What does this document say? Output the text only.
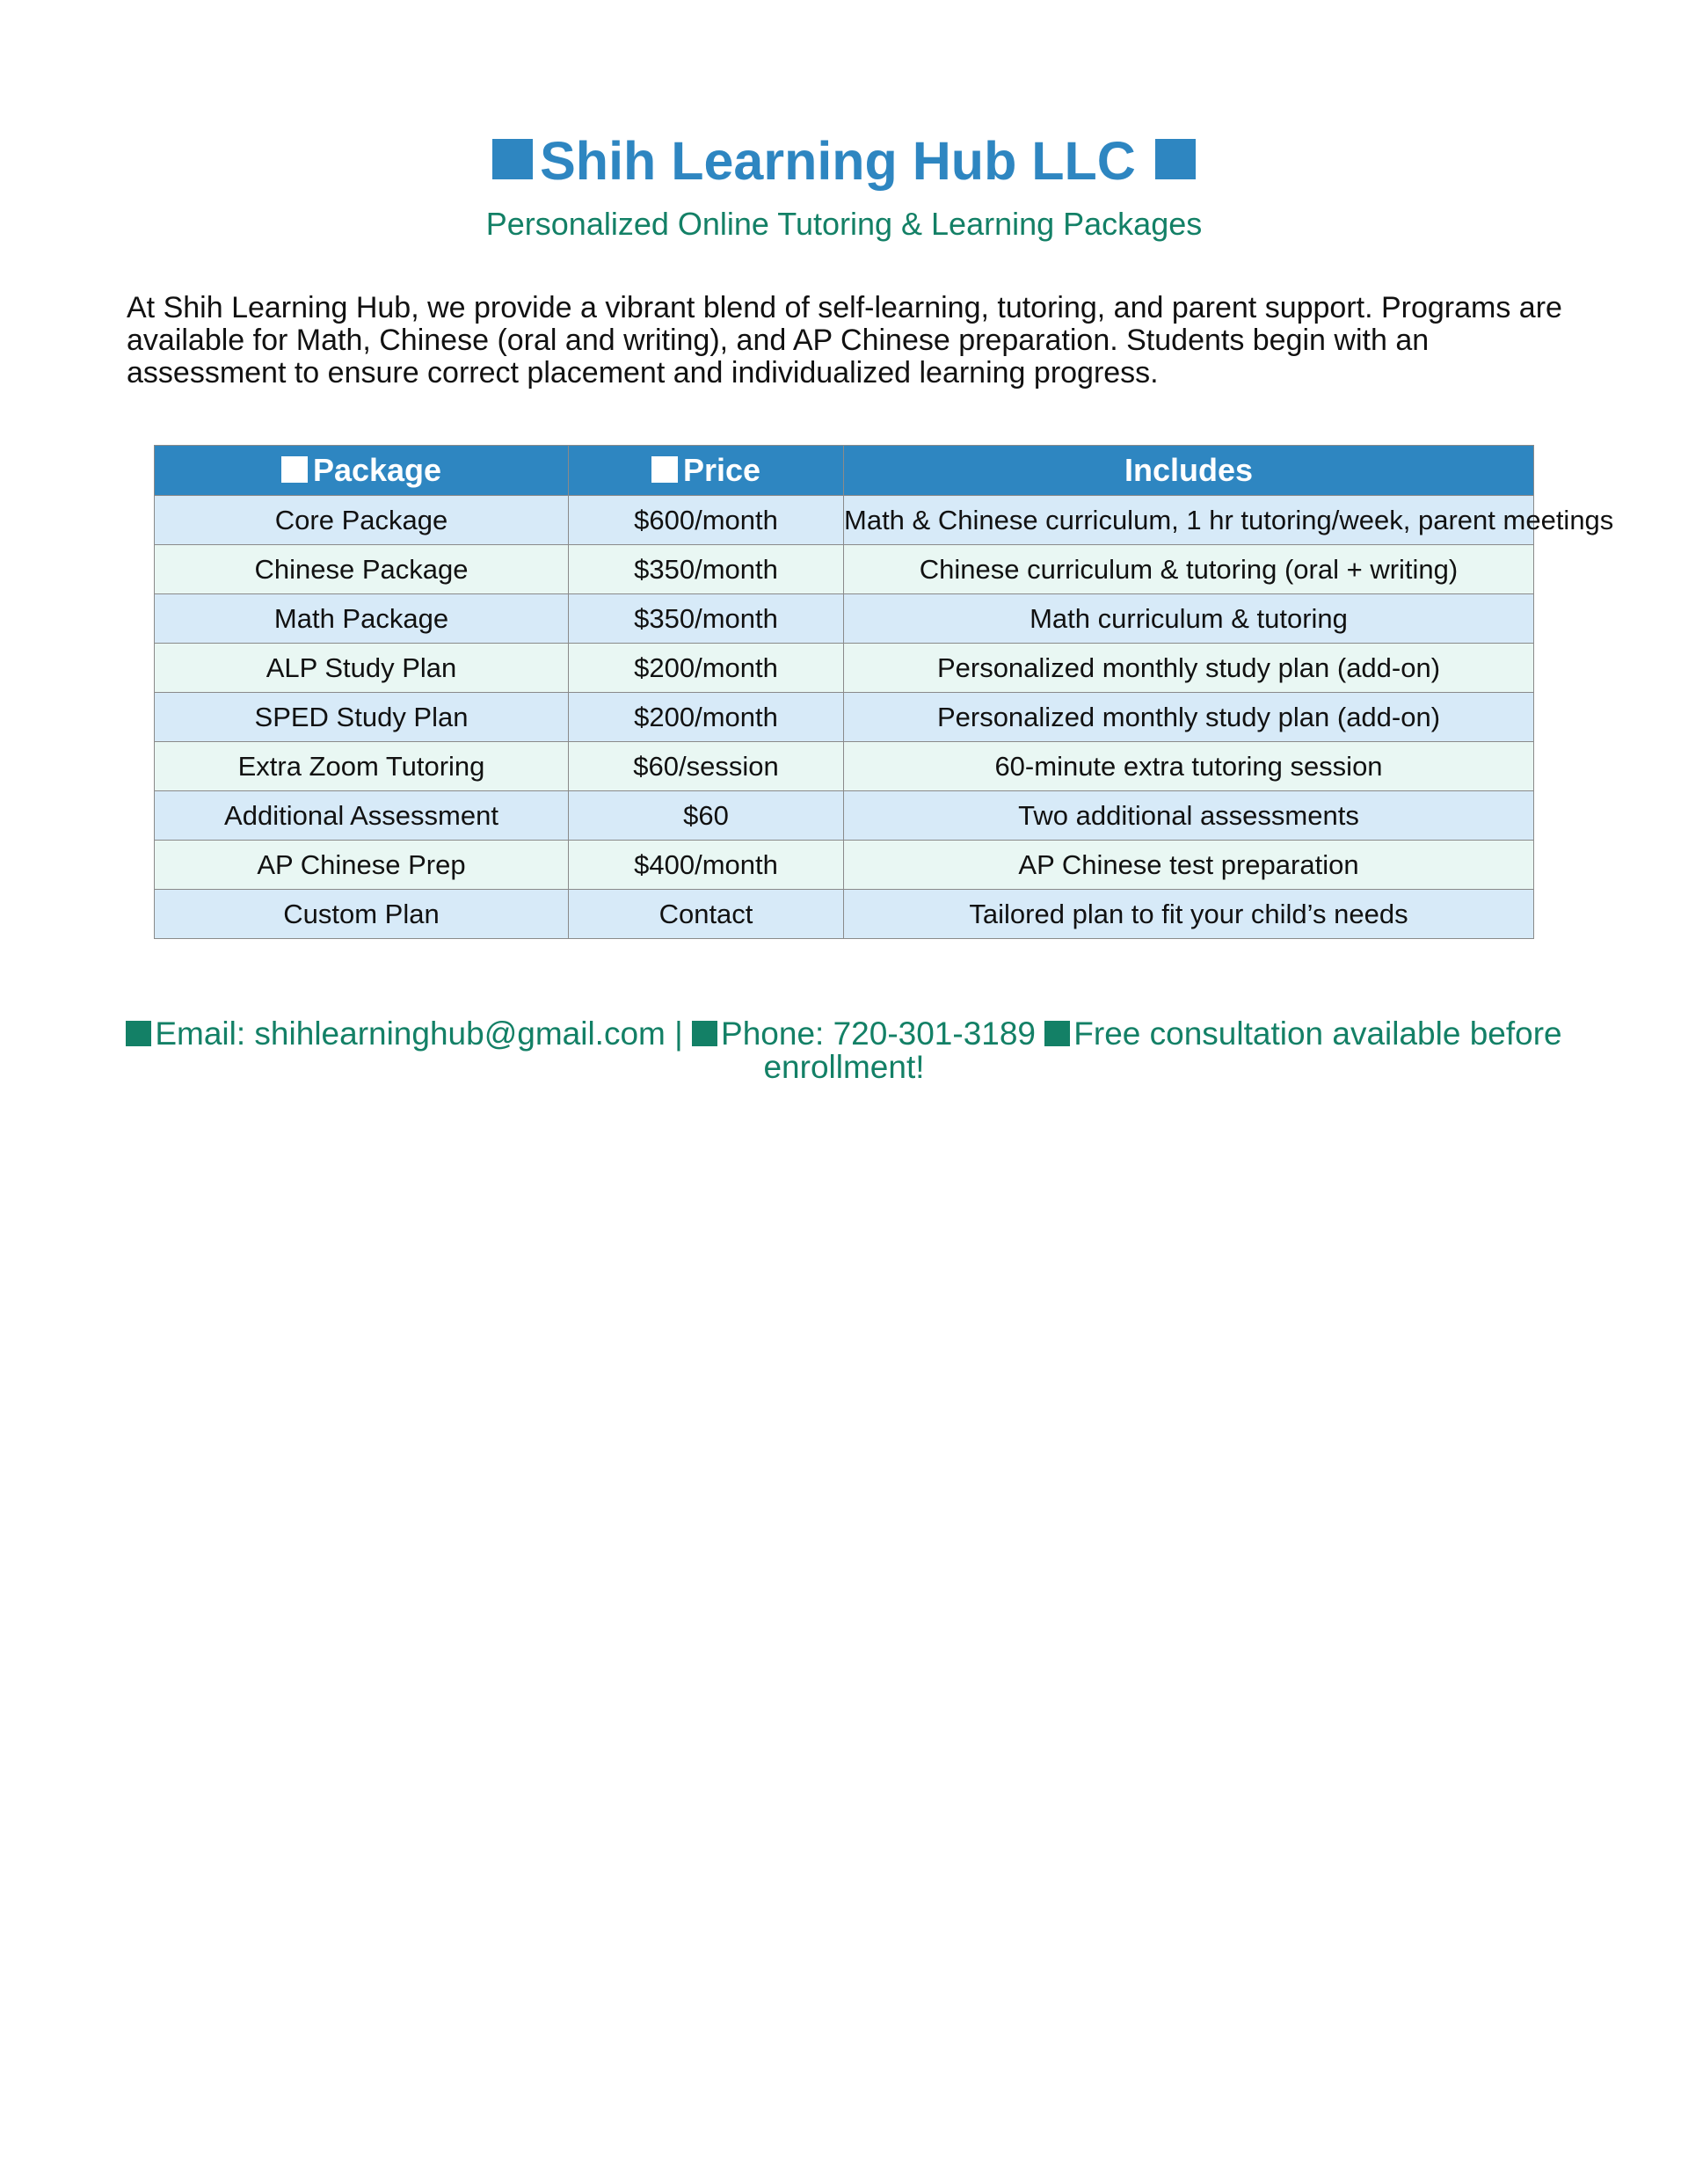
Shih Learning Hub LLC
Personalized Online Tutoring & Learning Packages
At Shih Learning Hub, we provide a vibrant blend of self-learning, tutoring, and parent support. Programs are available for Math, Chinese (oral and writing), and AP Chinese preparation. Students begin with an assessment to ensure correct placement and individualized learning progress.
Package	Price	Includes
Core Package	$600/month	Math & Chinese curriculum, 1 hr tutoring/week, parent meetings
Chinese Package	$350/month	Chinese curriculum & tutoring (oral + writing)
Math Package	$350/month	Math curriculum & tutoring
ALP Study Plan	$200/month	Personalized monthly study plan (add-on)
SPED Study Plan	$200/month	Personalized monthly study plan (add-on)
Extra Zoom Tutoring	$60/session	60-minute extra tutoring session
Additional Assessment	$60	Two additional assessments
AP Chinese Prep	$400/month	AP Chinese test preparation
Custom Plan	Contact	Tailored plan to fit your child’s needs
Email: shihlearninghub@gmail.com | Phone: 720-301-3189 Free consultation available before enrollment!
